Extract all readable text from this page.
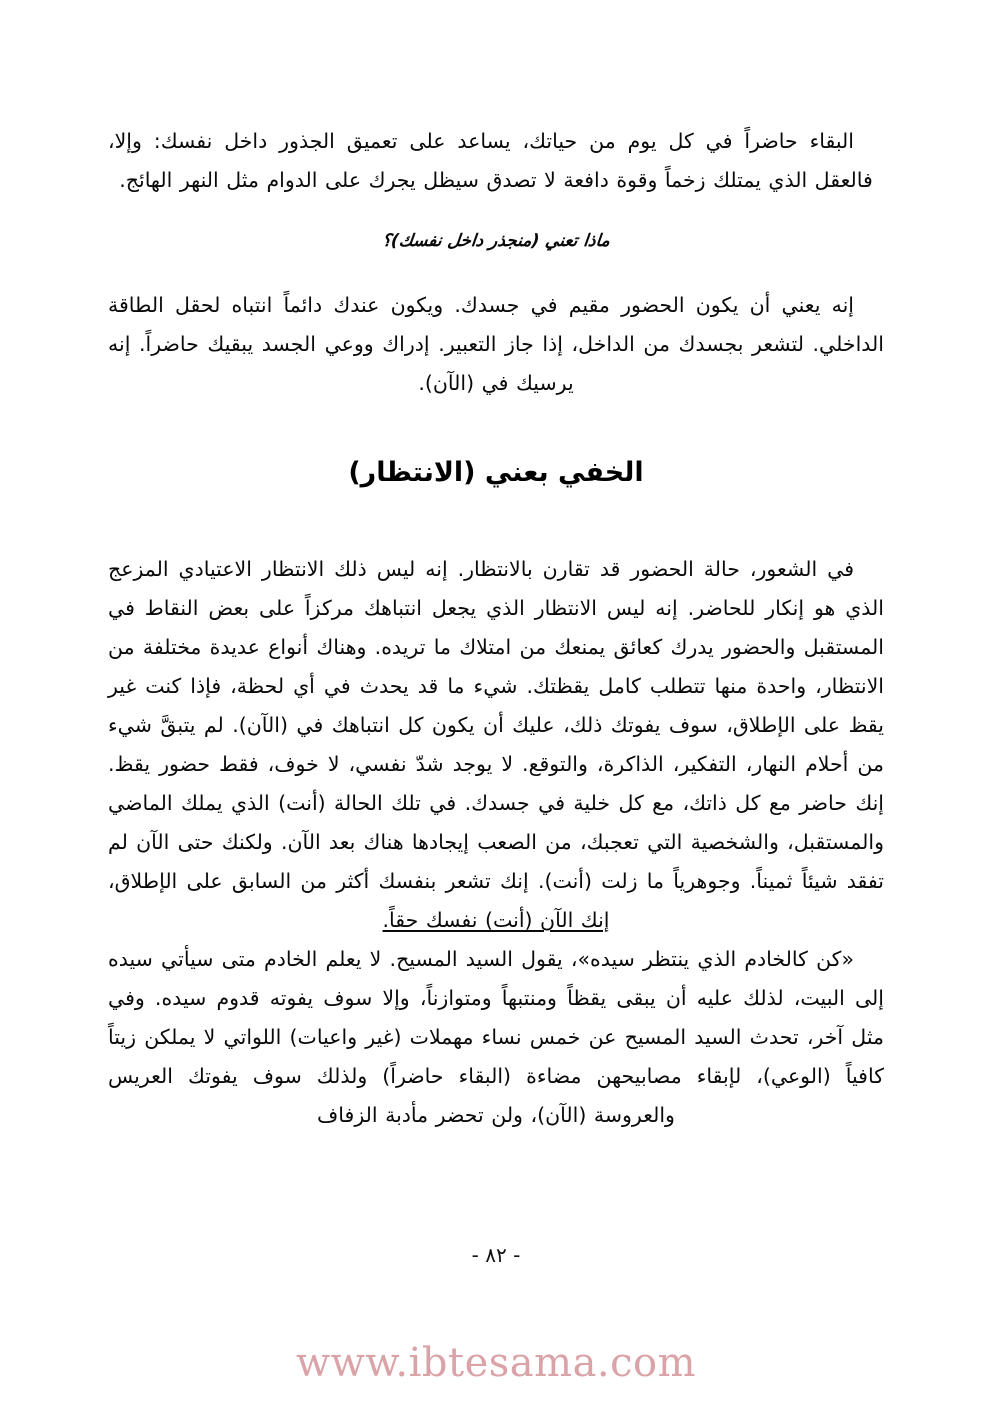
البقاء حاضراً في كل يوم من حياتك، يساعد على تعميق الجذور داخل نفسك: وإلا، فالعقل الذي يمتلك زخماً وقوة دافعة لا تصدق سيظل يجرك على الدوام مثل النهر الهائج.

ماذا تعني (منجذر داخل نفسك)؟

إنه يعني أن يكون الحضور مقيم في جسدك. ويكون عندك دائماً انتباه لحقل الطاقة الداخلي. لتشعر بجسدك من الداخل، إذا جاز التعبير. إدراك ووعي الجسد يبقيك حاضراً. إنه يرسيك في (الآن).

الخفي بعني (الانتظار)

في الشعور، حالة الحضور قد تقارن بالانتظار. إنه ليس ذلك الانتظار الاعتيادي المزعج الذي هو إنكار للحاضر. إنه ليس الانتظار الذي يجعل انتباهك مركزاً على بعض النقاط في المستقبل والحضور يدرك كعائق يمنعك من امتلاك ما تريده. وهناك أنواع عديدة مختلفة من الانتظار، واحدة منها تتطلب كامل يقظتك. شيء ما قد يحدث في أي لحظة، فإذا كنت غير يقظ على الإطلاق، سوف يفوتك ذلك، عليك أن يكون كل انتباهك في (الآن). لم يتبقَّ شيء من أحلام النهار، التفكير، الذاكرة، والتوقع. لا يوجد شدّ نفسي، لا خوف، فقط حضور يقظ. إنك حاضر مع كل ذاتك، مع كل خلية في جسدك. في تلك الحالة (أنت) الذي يملك الماضي والمستقبل، والشخصية التي تعجبك، من الصعب إيجادها هناك بعد الآن. ولكنك حتى الآن لم تفقد شيئاً ثميناً. وجوهرياً ما زلت (أنت). إنك تشعر بنفسك أكثر من السابق على الإطلاق، إنك الآن (أنت) نفسك حقاً.

«كن كالخادم الذي ينتظر سيده»، يقول السيد المسيح. لا يعلم الخادم متى سيأتي سيده إلى البيت، لذلك عليه أن يبقى يقظاً ومنتبهاً ومتوازناً، وإلا سوف يفوته قدوم سيده. وفي مثل آخر، تحدث السيد المسيح عن خمس نساء مهملات (غير واعيات) اللواتي لا يملكن زيتاً كافياً (الوعي)، لإبقاء مصابيحهن مضاءة (البقاء حاضراً) ولذلك سوف يفوتك العريس والعروسة (الآن)، ولن تحضر مأدبة الزفاف

- ٨٢ -
www.ibtesama.com
